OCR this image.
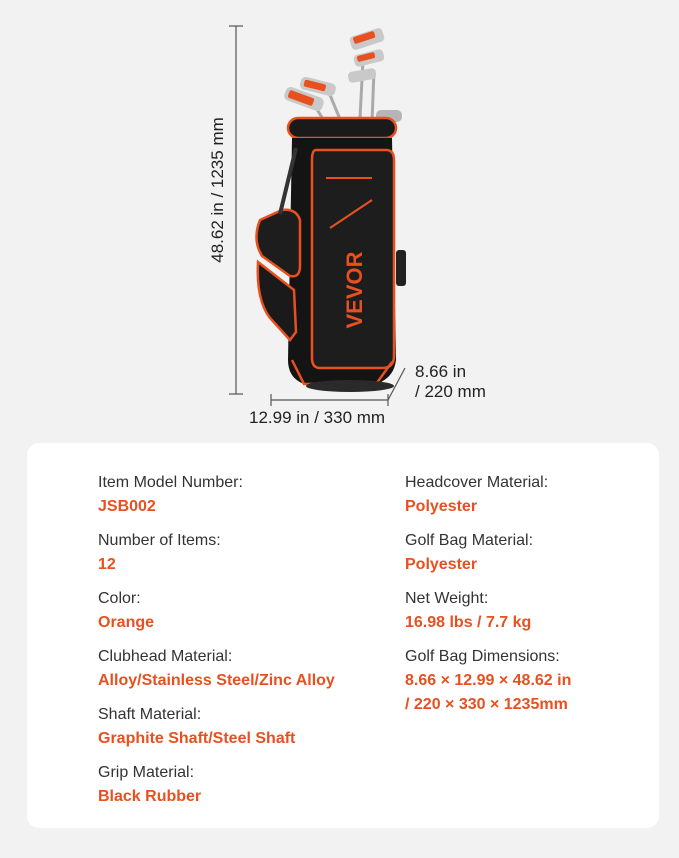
VEVOR
48.62 in / 1235 mm
12.99 in / 330 mm
8.66 in
/ 220 mm
Item Model Number:
JSB002
Number of Items:
12
Color:
Orange
Clubhead Material:
Alloy/Stainless Steel/Zinc Alloy
Shaft Material:
Graphite Shaft/Steel Shaft
Grip Material:
Black Rubber
Headcover Material:
Polyester
Golf Bag Material:
Polyester
Net Weight:
16.98 lbs / 7.7 kg
Golf Bag Dimensions:
8.66 × 12.99 × 48.62 in
/ 220 × 330 × 1235mm
